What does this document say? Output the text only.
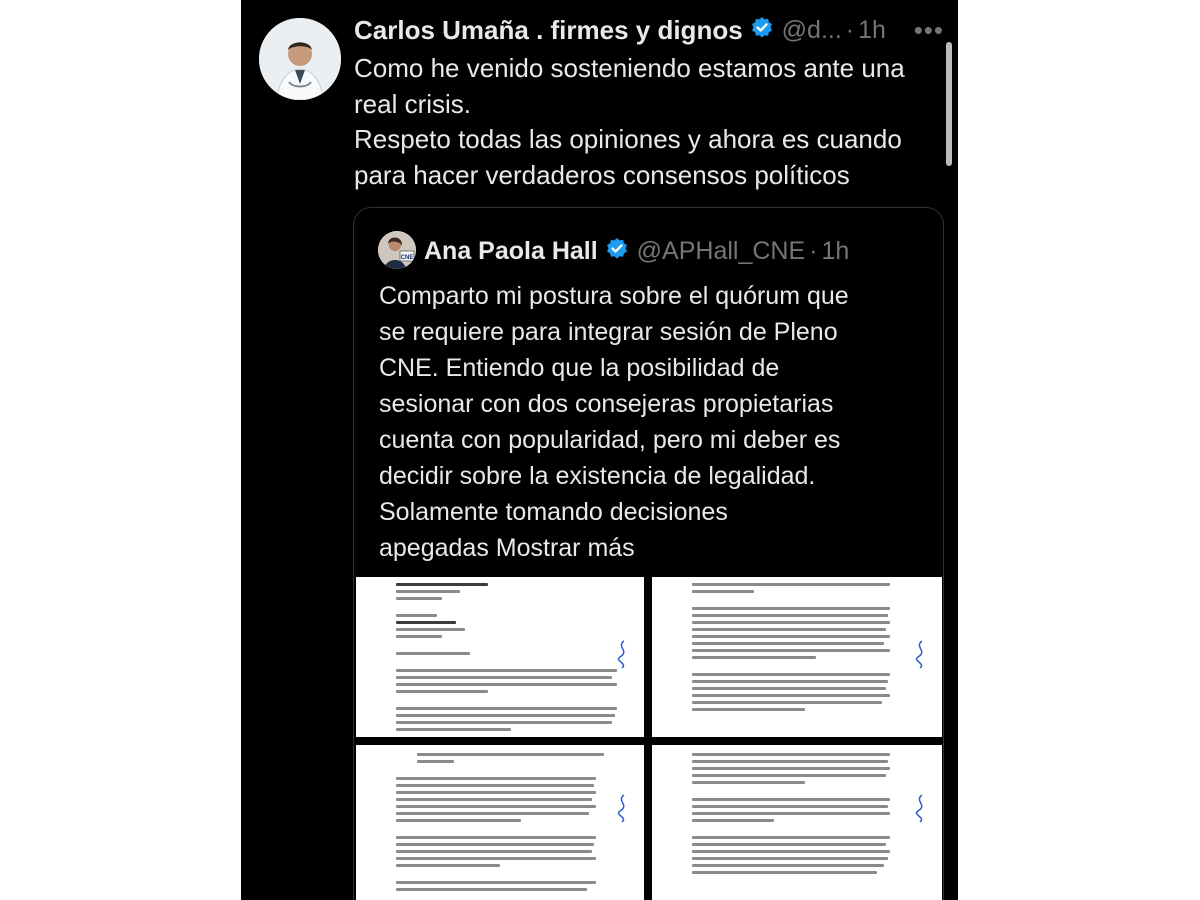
Carlos Umaña . firmes y dignos @d... · 1h •••
Como he venido sosteniendo estamos ante una
real crisis.
Respeto todas las opiniones y ahora es cuando
para hacer verdaderos consensos políticos
CNE Ana Paola Hall @APHall_CNE · 1h
Comparto mi postura sobre el quórum que
se requiere para integrar sesión de Pleno
CNE. Entiendo que la posibilidad de
sesionar con dos consejeras propietarias
cuenta con popularidad, pero mi deber es
decidir sobre la existencia de legalidad.
Solamente tomando decisiones
apegadas Mostrar más
